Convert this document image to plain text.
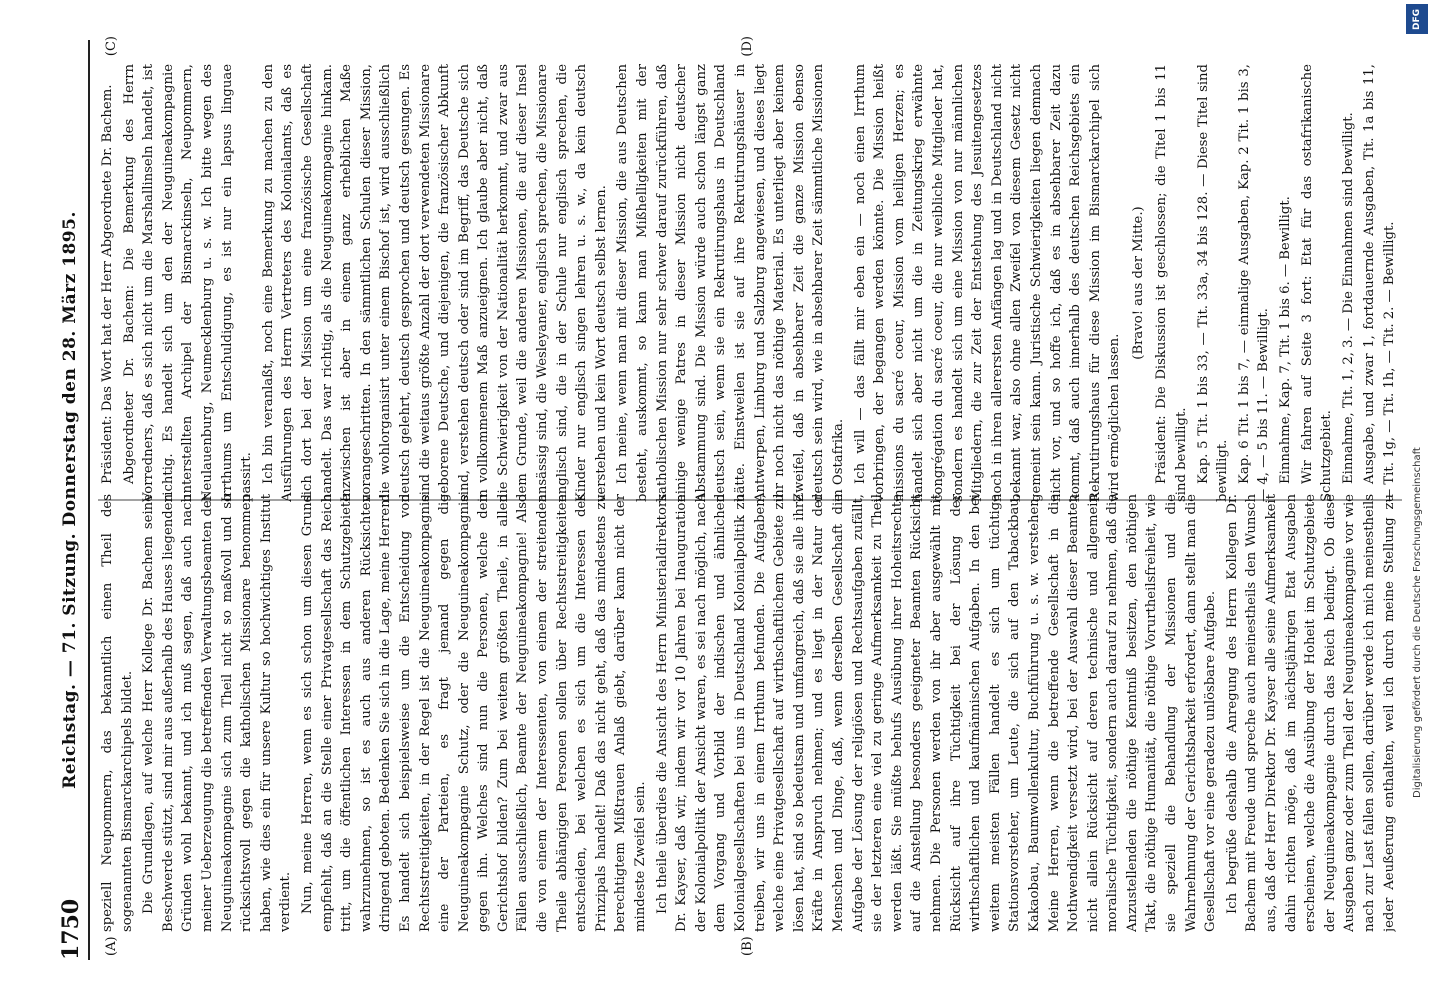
1750
Reichstag. — 71. Sitzung. Donnerstag den 28. März 1895.
(A)	(B)
(C)	(D)

speziell Neupommern, das bekanntlich einen Theil des sogenannten Bismarckarchipels bildet. Die Grundlagen, auf welche Herr Kollege Dr. Bachem seine Beschwerde stützt, sind mir aus außerhalb des Hauses liegenden Gründen wohl bekannt, und ich muß sagen, daß auch nach meiner Ueberzeugung die betreffenden Verwaltungsbeamten der Neuguineakompagnie sich zum Theil nicht so maßvoll und so rücksichtsvoll gegen die katholischen Missionare benommen haben, wie dies ein für unsere Kultur so hochwichtiges Institut verdient. Nun, meine Herren, wenn es sich schon um diesen Grund empfiehlt, daß an die Stelle einer Privatgesellschaft das Reich tritt, um die öffentlichen Interessen in dem Schutzgebiete wahrzunehmen, so ist es auch aus anderen Rücksichten dringend geboten. Bedenken Sie sich in die Lage, meine Herren! Es handelt sich beispielsweise um die Entscheidung von Rechtsstreitigkeiten, in der Regel ist die Neuguineakompagnie eine der Parteien, es fragt jemand gegen die Neuguineakompagnie Schutz, oder die Neuguineakompagnie gegen ihn. Welches sind nun die Personen, welche den Gerichtshof bilden? Zum bei weitem größten Theile, in allen Fällen ausschließlich, Beamte der Neuguineakompagnie! Also die von einem der Interessenten, von einem der streitenden Theile abhängigen Personen sollen über Rechtsstreitigkeiten entscheiden, bei welchen es sich um die Interessen des Prinzipals handelt! Daß das nicht geht, daß das mindestens zu berechtigtem Mißtrauen Anlaß giebt, darüber kann nicht der mindeste Zweifel sein. Ich theile überdies die Ansicht des Herrn Ministerialdirektors Dr. Kayser, daß wir, indem wir vor 10 Jahren bei Inauguration der Kolonialpolitik der Ansicht waren, es sei nach möglich, nach dem Vorgang und Vorbild der indischen und ähnlichen Kolonialgesellschaften bei uns in Deutschland Kolonialpolitik zu treiben, wir uns in einem Irrthum befunden. Die Aufgaben, welche eine Privatgesellschaft auf wirthschaftlichem Gebiete zu lösen hat, sind so bedeutsam und umfangreich, daß sie alle ihre Kräfte in Anspruch nehmen; und es liegt in der Natur der Menschen und Dinge, daß, wenn derselben Gesellschaft die Aufgabe der Lösung der religiösen und Rechtsaufgaben zufällt, sie der letzteren eine viel zu geringe Aufmerksamkeit zu Theil werden läßt. Sie müßte behufs Ausübung ihrer Hoheitsrechte auf die Anstellung besonders geeigneter Beamten Rücksicht nehmen. Die Personen werden von ihr aber ausgewählt mit Rücksicht auf ihre Tüchtigkeit bei der Lösung der wirthschaftlichen und kaufmännischen Aufgaben. In den bei weitem meisten Fällen handelt es sich um tüchtige Stationsvorsteher, um Leute, die sich auf den Tabackbau, Kakaobau, Baumwollenkultur, Buchführung u. s. w. verstehen. Meine Herren, wenn die betreffende Gesellschaft in die Nothwendigkeit versetzt wird, bei der Auswahl dieser Beamten nicht allein Rücksicht auf deren technische und allgemein moralische Tüchtigkeit, sondern auch darauf zu nehmen, daß die Anzustellenden die nöthige Kenntniß besitzen, den nöthigen Takt, die nöthige Humanität, die nöthige Vorurtheilsfreiheit, wie sie speziell die Behandlung der Missionen und die Wahrnehmung der Gerichtsbarkeit erfordert, dann stellt man die Gesellschaft vor eine geradezu unlösbare Aufgabe. Ich begrüße deshalb die Anregung des Herrn Kollegen Dr. Bachem mit Freude und spreche auch meinestheils den Wunsch aus, daß der Herr Direktor Dr. Kayser alle seine Aufmerksamkeit dahin richten möge, daß im nächstjährigen Etat Ausgaben erscheinen, welche die Ausübung der Hoheit im Schutzgebiete der Neuguineakompagnie durch das Reich bedingt. Ob diese Ausgaben ganz oder zum Theil der Neuguineakompagnie vor wie nach zur Last fallen sollen, darüber werde ich mich meinestheils jeder Aeußerung enthalten, weil ich durch meine Stellung zu

Präsident: Das Wort hat der Herr Abgeordnete Dr. Bachem. Abgeordneter Dr. Bachem: Die Bemerkung des Herrn Vorredners, daß es sich nicht um die Marshallinseln handelt, ist richtig. Es handelt sich um den der Neuguineakompagnie unterstellten Archipel der Bismarckinseln, Neupommern, Neulauenburg, Neumecklenburg u. s. w. Ich bitte wegen des Irrthums um Entschuldigung, es ist nur ein lapsus linguae passirt. Ich bin veranlaßt, noch eine Bemerkung zu machen zu den Ausführungen des Herrn Vertreters des Kolonialamts, daß es sich dort bei der Mission um eine französische Gesellschaft handelt. Das war richtig, als die Neuguineakompagnie hinkam. Inzwischen ist aber in einem ganz erheblichen Maße vorangeschritten. In den sämmtlichen Schulen dieser Mission, die wohlorganisirt unter einem Bischof ist, wird ausschließlich deutsch gelehrt, deutsch gesprochen und deutsch gesungen. Es sind die weitaus größte Anzahl der dort verwendeten Missionare geborene Deutsche, und diejenigen, die französischer Abkunft sind, verstehen deutsch oder sind im Begriff, das Deutsche sich in vollkommenem Maß anzueignen. Ich glaube aber nicht, daß die Schwierigkeit von der Nationalität herkommt, und zwar aus dem Grunde, weil die anderen Missionen, die auf dieser Insel ansässig sind, die Wesleyaner, englisch sprechen, die Missionare englisch sind, die in der Schule nur englisch sprechen, die Kinder nur englisch singen lehren u. s. w., da kein deutsch verstehen und kein Wort deutsch selbst lernen. Ich meine, wenn man mit dieser Mission, die aus Deutschen besteht, auskommt, so kann man Mißhelligkeiten mit der katholischen Mission nur sehr schwer darauf zurückführen, daß einige wenige Patres in dieser Mission nicht deutscher Abstammung sind. Die Mission würde auch schon längst ganz deutsch sein, wenn sie ein Rekrutirungshaus in Deutschland hätte. Einstweilen ist sie auf ihre Rekrutirungshäuser in Antwerpen, Limburg und Salzburg angewiesen, und dieses liegt ihr noch nicht das nöthige Material. Es unterliegt aber keinem Zweifel, daß in absehbarer Zeit die ganze Mission ebenso deutsch sein wird, wie in absehbarer Zeit sämmtliche Missionen in Ostafrika. Ich will — das fällt mir eben ein — noch einen Irrthum vorbringen, der begangen werden könnte. Die Mission heißt missions du sacré coeur, Mission vom heiligen Herzen; es handelt sich aber nicht um die in Zeitungskrieg erwähnte congrégation du sacré coeur, die nur weibliche Mitglieder hat, sondern es handelt sich um eine Mission von nur männlichen Mitgliedern, die zur Zeit der Entstehung des Jesuitengesetzes noch in ihren allerersten Anfängen lag und in Deutschland nicht bekannt war, also ohne allen Zweifel von diesem Gesetz nicht gemeint sein kann. Juristische Schwierigkeiten liegen demnach nicht vor, und so hoffe ich, daß es in absehbarer Zeit dazu kommt, daß auch innerhalb des deutschen Reichsgebiets ein Rekrutirungshaus für diese Mission im Bismarckarchipel sich wird ermöglichen lassen.

(Bravo! aus der Mitte.) Präsident: Die Diskussion ist geschlossen; die Titel 1 bis 11 sind bewilligt. Kap. 5 Tit. 1 bis 33, — Tit. 33a, 34 bis 128. — Diese Titel sind bewilligt. Kap. 6 Tit. 1 bis 7, — einmalige Ausgaben, Kap. 2 Tit. 1 bis 3, — 4, — 5 bis 11. — Bewilligt. Einnahme, Kap. 7, Tit. 1 bis 6. — Bewilligt. Wir fahren auf Seite 3 fort: Etat für das ostafrikanische Schutzgebiet. Einnahme, Tit. 1, 2, 3. — Die Einnahmen sind bewilligt. Ausgabe, und zwar 1, fortdauernde Ausgaben, Tit. 1a bis 11, — Tit. 1g, — Tit. 1h, — Tit. 2. — Bewilligt.

DFG
Digitalisierung gefördert durch die Deutsche Forschungsgemeinschaft
